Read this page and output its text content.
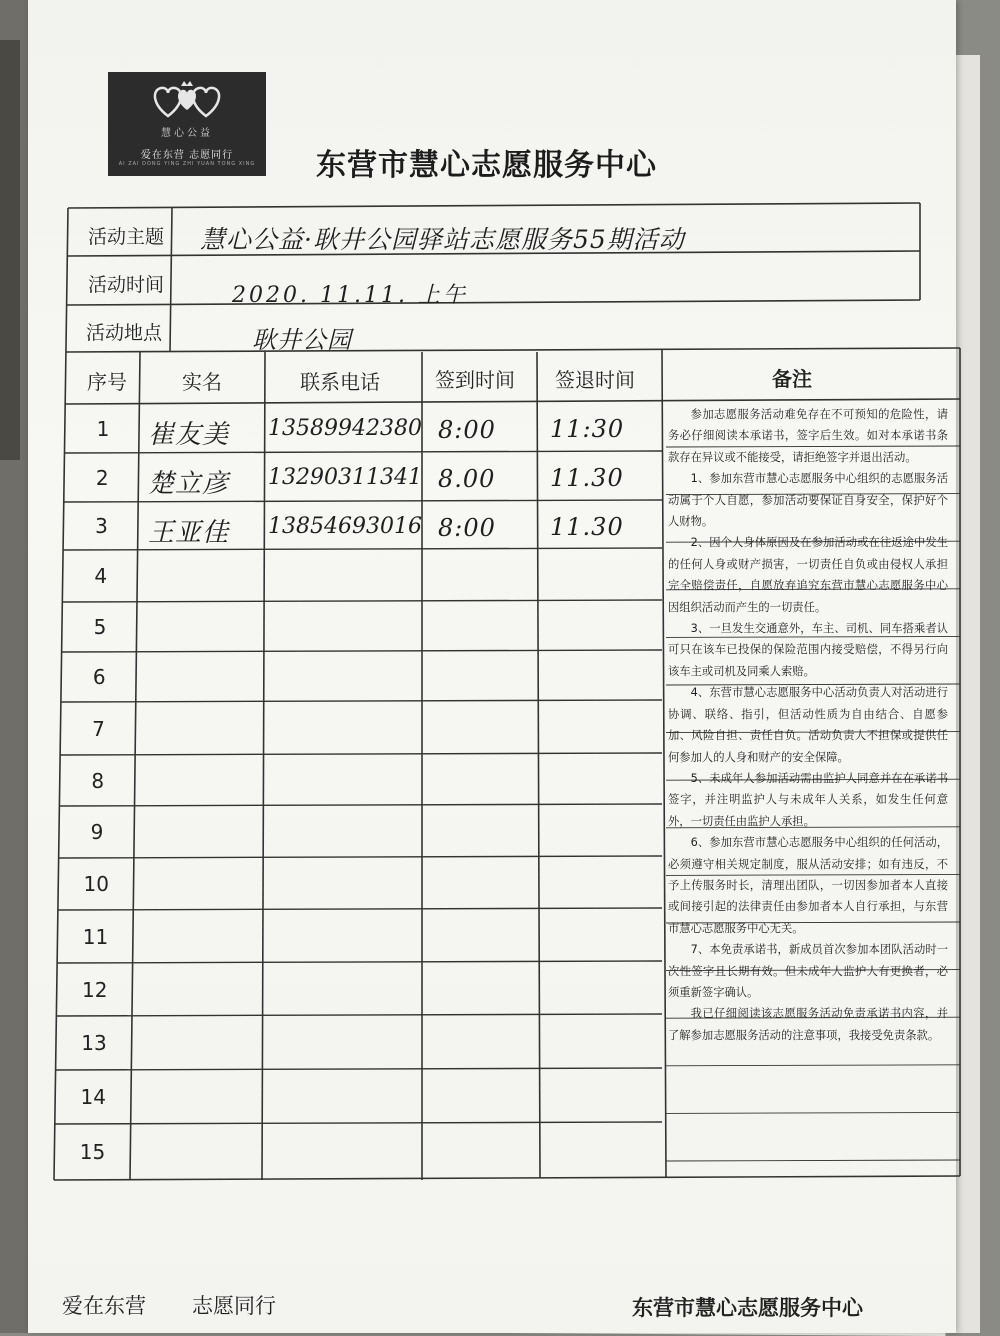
慧心公益
爱在东营 志愿同行
AI ZAI DONG YING ZHI YUAN TONG XING	东营市慧心志愿服务中心
活动主题 慧心公益·耿井公园驿站志愿服务55期活动
活动时间	2020. 11.11. 上午
活动地点	耿井公园
序号	实名	联系电话	签到时间 签退时间	备注
1	崔友美 13589942380 8:00 11:30
2	楚立彦 13290311341 8.00 11.30
3	王亚佳 13854693016 8:00 11.30
4
5
6
7
8
9
10
11
12
13
14
15

参加志愿服务活动难免存在不可预知的危险性，请务必仔细阅读本承诺书，签字后生效。如对本承诺书条款存在异议或不能接受，请拒绝签字并退出活动。

1、参加东营市慧心志愿服务中心组织的志愿服务活动属于个人自愿，参加活动要保证自身安全，保护好个人财物。

2、因个人身体原因及在参加活动或在往返途中发生的任何人身或财产损害，一切责任自负或由侵权人承担完全赔偿责任，自愿放弃追究东营市慧心志愿服务中心因组织活动而产生的一切责任。

3、一旦发生交通意外，车主、司机、同车搭乘者认可只在该车已投保的保险范围内接受赔偿，不得另行向该车主或司机及同乘人索赔。

4、东营市慧心志愿服务中心活动负责人对活动进行协调、联络、指引，但活动性质为自由结合、自愿参加、风险自担、责任自负。活动负责人不担保或提供任何参加人的人身和财产的安全保障。

5、未成年人参加活动需由监护人同意并在在承诺书签字，并注明监护人与未成年人关系，如发生任何意外，一切责任由监护人承担。

6、参加东营市慧心志愿服务中心组织的任何活动，必须遵守相关规定制度，服从活动安排；如有违反，不予上传服务时长，清理出团队，一切因参加者本人直接或间接引起的法律责任由参加者本人自行承担，与东营市慧心志愿服务中心无关。

7、本免责承诺书，新成员首次参加本团队活动时一次性签字且长期有效。但未成年人监护人有更换者，必须重新签字确认。

我已仔细阅读该志愿服务活动免责承诺书内容，并了解参加志愿服务活动的注意事项，我接受免责条款。

爱在东营 志愿同行	东营市慧心志愿服务中心
